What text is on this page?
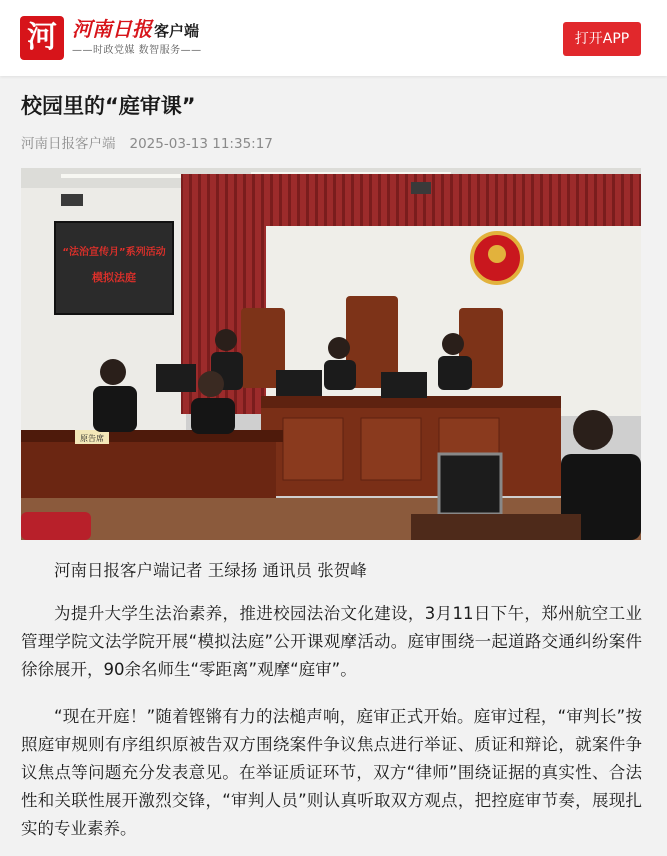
河 河南日报 客户端
——时政党媒 数智服务——
打开APP
校园里的“庭审课”
河南日报客户端 2025-03-13 11:35:17
“法治宣传月”系列活动
模拟法庭
原告席

河南日报客户端记者 王绿扬 通讯员 张贺峰

为提升大学生法治素养，推进校园法治文化建设，3月11日下午，郑州航空工业管理学院文法学院开展“模拟法庭”公开课观摩活动。庭审围绕一起道路交通纠纷案件徐徐展开，90余名师生“零距离”观摩“庭审”。

“现在开庭！”随着铿锵有力的法槌声响，庭审正式开始。庭审过程，“审判长”按照庭审规则有序组织原被告双方围绕案件争议焦点进行举证、质证和辩论，就案件争议焦点等问题充分发表意见。在举证质证环节，双方“律师”围绕证据的真实性、合法性和关联性展开激烈交锋，“审判人员”则认真听取双方观点，把控庭审节奏，展现扎实的专业素养。
